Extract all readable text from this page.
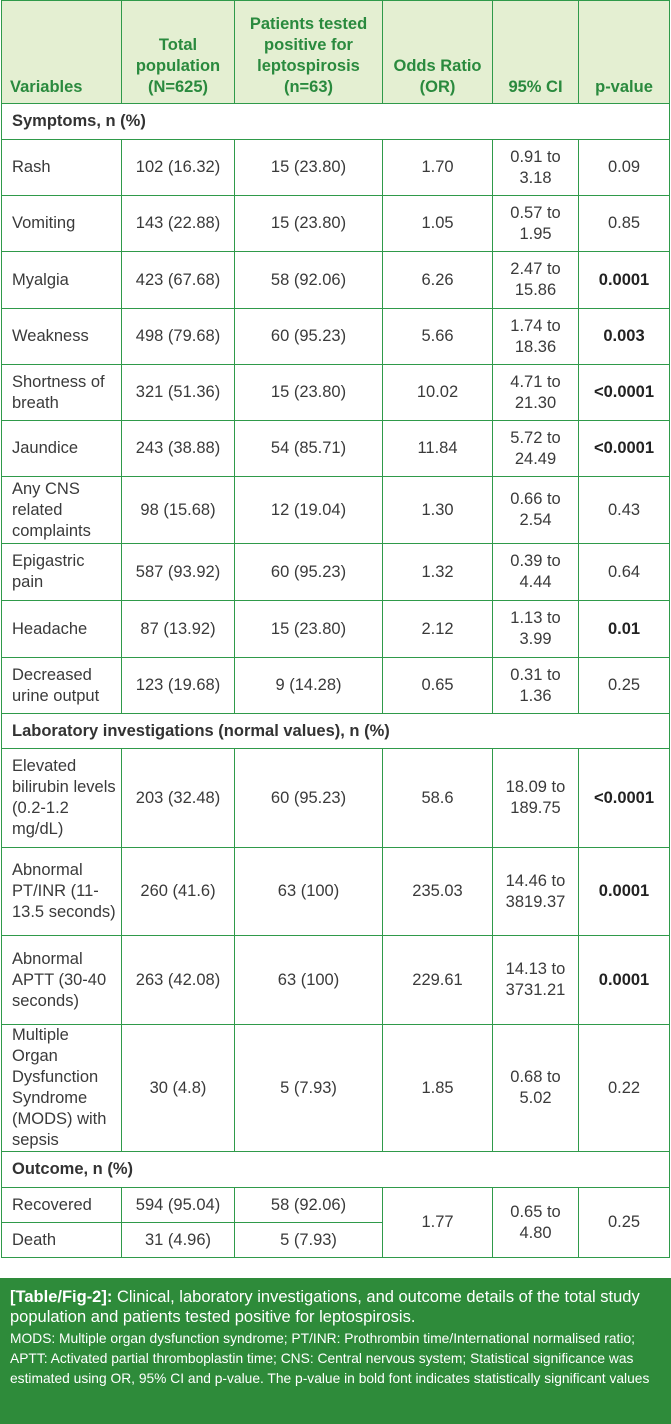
Variables	Total population (N=625)	Patients tested positive for leptospirosis (n=63)	Odds Ratio (OR)	95% CI	p-value
Symptoms, n (%)					
Rash	102 (16.32)	15 (23.80)	1.70	0.91 to 3.18	0.09
Vomiting	143 (22.88)	15 (23.80)	1.05	0.57 to 1.95	0.85
Myalgia	423 (67.68)	58 (92.06)	6.26	2.47 to 15.86	0.0001
Weakness	498 (79.68)	60 (95.23)	5.66	1.74 to 18.36	0.003
Shortness of breath	321 (51.36)	15 (23.80)	10.02	4.71 to 21.30	<0.0001
Jaundice	243 (38.88)	54 (85.71)	11.84	5.72 to 24.49	<0.0001
Any CNS related complaints	98 (15.68)	12 (19.04)	1.30	0.66 to 2.54	0.43
Epigastric pain	587 (93.92)	60 (95.23)	1.32	0.39 to 4.44	0.64
Headache	87 (13.92)	15 (23.80)	2.12	1.13 to 3.99	0.01
Decreased urine output	123 (19.68)	9 (14.28)	0.65	0.31 to 1.36	0.25
Laboratory investigations (normal values), n (%)					
Elevated bilirubin levels (0.2-1.2 mg/dL)	203 (32.48)	60 (95.23)	58.6	18.09 to 189.75	<0.0001
Abnormal PT/INR (11-13.5 seconds)	260 (41.6)	63 (100)	235.03	14.46 to 3819.37	0.0001
Abnormal APTT (30-40 seconds)	263 (42.08)	63 (100)	229.61	14.13 to 3731.21	0.0001
Multiple Organ Dysfunction Syndrome (MODS) with sepsis	30 (4.8)	5 (7.93)	1.85	0.68 to 5.02	0.22
Outcome, n (%)					
Recovered	594 (95.04)	58 (92.06)	1.77	0.65 to 4.80	0.25
Death	31 (4.96)	5 (7.93)			
[Table/Fig-2]: Clinical, laboratory investigations, and outcome details of the total study population and patients tested positive for leptospirosis.
MODS: Multiple organ dysfunction syndrome; PT/INR: Prothrombin time/International normalised ratio; APTT: Activated partial thromboplastin time; CNS: Central nervous system; Statistical significance was estimated using OR, 95% CI and p-value. The p-value in bold font indicates statistically significant values
